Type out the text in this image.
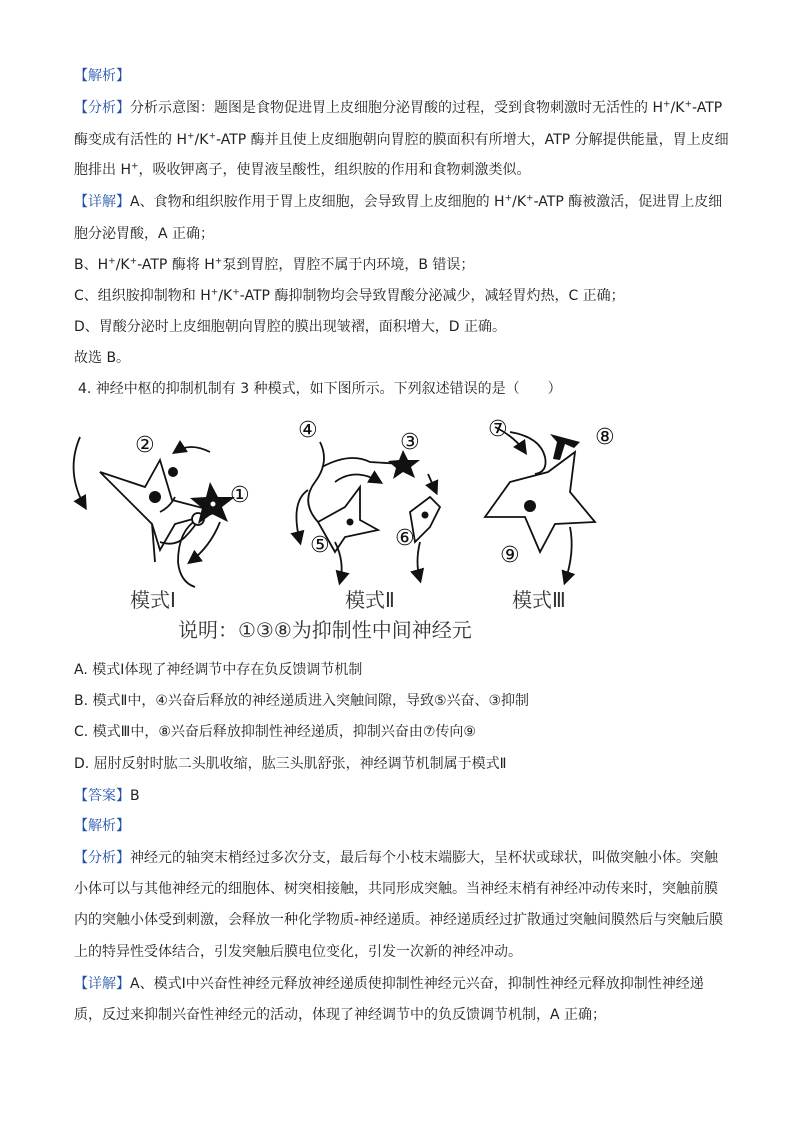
【解析】
【分析】分析示意图：题图是食物促进胃上皮细胞分泌胃酸的过程，受到食物刺激时无活性的 H+/K+-ATP
酶变成有活性的 H+/K+-ATP 酶并且使上皮细胞朝向胃腔的膜面积有所增大，ATP 分解提供能量，胃上皮细
胞排出 H+，吸收钾离子，使胃液呈酸性，组织胺的作用和食物刺激类似。
【详解】A、食物和组织胺作用于胃上皮细胞，会导致胃上皮细胞的 H+/K+-ATP 酶被激活，促进胃上皮细
胞分泌胃酸，A 正确；
B、H+/K+-ATP 酶将 H+泵到胃腔，胃腔不属于内环境，B 错误；
C、组织胺抑制物和 H+/K+-ATP 酶抑制物均会导致胃酸分泌减少，减轻胃灼热，C 正确；
D、胃酸分泌时上皮细胞朝向胃腔的膜出现皱褶，面积增大，D 正确。
故选 B。
4. 神经中枢的抑制机制有 3 种模式，如下图所示。下列叙述错误的是（　　）
①
②	③
④
⑤	⑥
⑦	⑧
⑨
模式Ⅰ	模式Ⅱ	模式Ⅲ
说明：①③⑧为抑制性中间神经元
A. 模式Ⅰ体现了神经调节中存在负反馈调节机制
B. 模式Ⅱ中，④兴奋后释放的神经递质进入突触间隙，导致⑤兴奋、③抑制
C. 模式Ⅲ中，⑧兴奋后释放抑制性神经递质，抑制兴奋由⑦传向⑨
D. 屈肘反射时肱二头肌收缩，肱三头肌舒张，神经调节机制属于模式Ⅱ
【答案】B
【解析】
【分析】神经元的轴突末梢经过多次分支，最后每个小枝末端膨大，呈杯状或球状，叫做突触小体。突触
小体可以与其他神经元的细胞体、树突相接触，共同形成突触。当神经末梢有神经冲动传来时，突触前膜
内的突触小体受到刺激，会释放一种化学物质-神经递质。神经递质经过扩散通过突触间膜然后与突触后膜
上的特异性受体结合，引发突触后膜电位变化，引发一次新的神经冲动。
【详解】A、模式Ⅰ中兴奋性神经元释放神经递质使抑制性神经元兴奋，抑制性神经元释放抑制性神经递
质，反过来抑制兴奋性神经元的活动，体现了神经调节中的负反馈调节机制，A 正确；
